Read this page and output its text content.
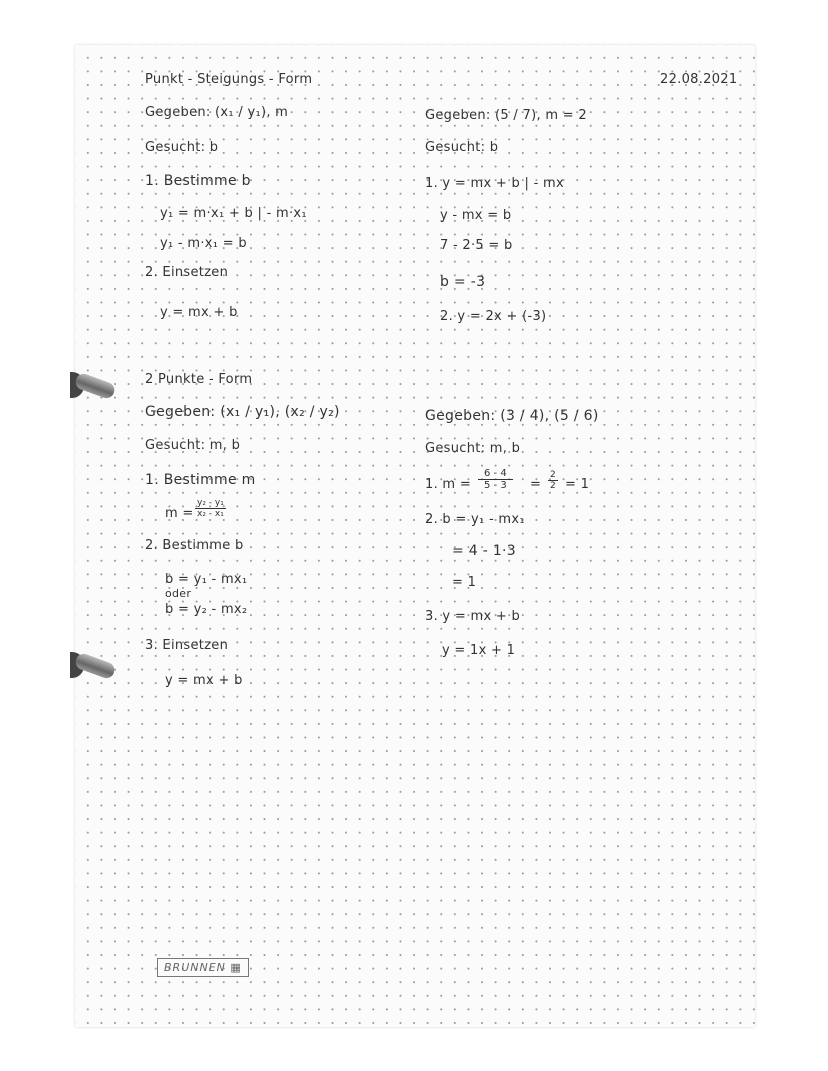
22.08.2021
Punkt - Steigungs - Form
Gegeben: (x₁ / y₁), m
Gesucht: b
1. Bestimme b
y₁ = m·x₁ + b | - m·x₁
y₁ - m·x₁ = b
2. Einsetzen
y = mx + b
Gegeben: (5 / 7), m = 2
Gesucht: b
1. y = mx + b | - mx
y - mx = b
7 - 2·5 = b
b = -3
2. y = 2x + (-3)
2 Punkte - Form
Gegeben: (x₁ / y₁), (x₂ / y₂)
Gesucht: m, b
1. Bestimme m
$m = \frac{\text{y₂ - y₁}}{\text{x₂ - x₁}}$
2. Bestimme b
b = y₁ - mx₁
oder
b = y₂ - mx₂
3. Einsetzen
y = mx + b
Gegeben: (3 / 4), (5 / 6)
Gesucht: m, b
1. $m = \frac{6 - 4}{5 - 3} = \frac{2}{2} = 1$
2. b = y₁ - mx₁
= 4 - 1·3
= 1
3. y = mx + b
y = 1x + 1
BRUNNEN ▦
